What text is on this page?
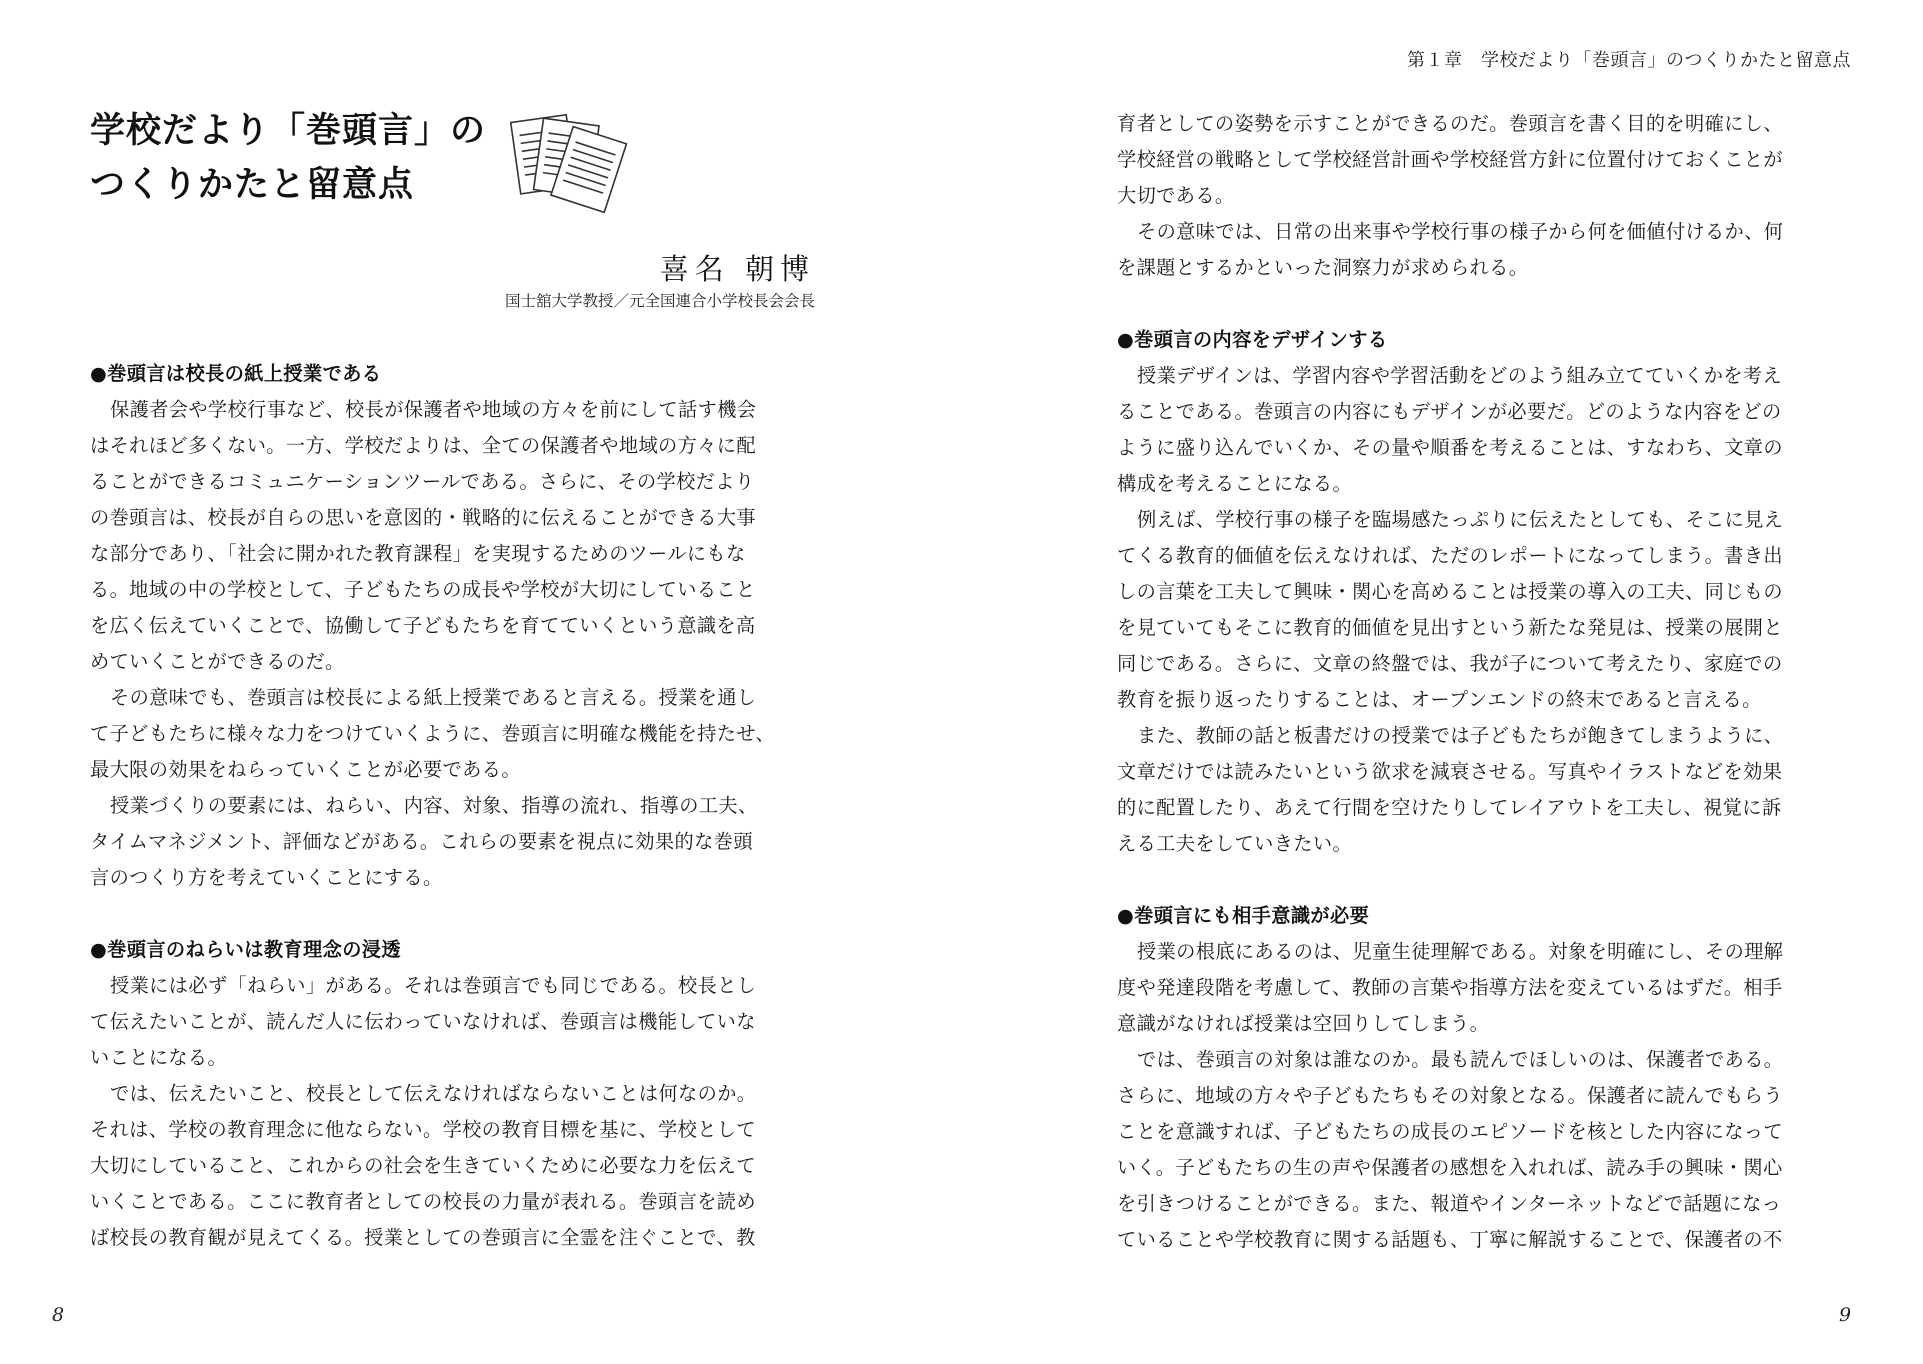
学校だより「巻頭言」の
つくりかたと留意点
喜名 朝博
国士舘大学教授／元全国連合小学校長会会長
●巻頭言は校長の紙上授業である
保護者会や学校行事など、校長が保護者や地域の方々を前にして話す機会
はそれほど多くない。一方、学校だよりは、全ての保護者や地域の方々に配
ることができるコミュニケーションツールである。さらに、その学校だより
の巻頭言は、校長が自らの思いを意図的・戦略的に伝えることができる大事
な部分であり、「社会に開かれた教育課程」を実現するためのツールにもな
る。地域の中の学校として、子どもたちの成長や学校が大切にしていること
を広く伝えていくことで、協働して子どもたちを育てていくという意識を高
めていくことができるのだ。
その意味でも、巻頭言は校長による紙上授業であると言える。授業を通し
て子どもたちに様々な力をつけていくように、巻頭言に明確な機能を持たせ、
最大限の効果をねらっていくことが必要である。
授業づくりの要素には、ねらい、内容、対象、指導の流れ、指導の工夫、
タイムマネジメント、評価などがある。これらの要素を視点に効果的な巻頭
言のつくり方を考えていくことにする。
●巻頭言のねらいは教育理念の浸透
授業には必ず「ねらい」がある。それは巻頭言でも同じである。校長とし
て伝えたいことが、読んだ人に伝わっていなければ、巻頭言は機能していな
いことになる。
では、伝えたいこと、校長として伝えなければならないことは何なのか。
それは、学校の教育理念に他ならない。学校の教育目標を基に、学校として
大切にしていること、これからの社会を生きていくために必要な力を伝えて
いくことである。ここに教育者としての校長の力量が表れる。巻頭言を読め
ば校長の教育観が見えてくる。授業としての巻頭言に全霊を注ぐことで、教
8
第１章　学校だより「巻頭言」のつくりかたと留意点
育者としての姿勢を示すことができるのだ。巻頭言を書く目的を明確にし、
学校経営の戦略として学校経営計画や学校経営方針に位置付けておくことが
大切である。
その意味では、日常の出来事や学校行事の様子から何を価値付けるか、何
を課題とするかといった洞察力が求められる。
●巻頭言の内容をデザインする
授業デザインは、学習内容や学習活動をどのよう組み立てていくかを考え
ることである。巻頭言の内容にもデザインが必要だ。どのような内容をどの
ように盛り込んでいくか、その量や順番を考えることは、すなわち、文章の
構成を考えることになる。
例えば、学校行事の様子を臨場感たっぷりに伝えたとしても、そこに見え
てくる教育的価値を伝えなければ、ただのレポートになってしまう。書き出
しの言葉を工夫して興味・関心を高めることは授業の導入の工夫、同じもの
を見ていてもそこに教育的価値を見出すという新たな発見は、授業の展開と
同じである。さらに、文章の終盤では、我が子について考えたり、家庭での
教育を振り返ったりすることは、オープンエンドの終末であると言える。
また、教師の話と板書だけの授業では子どもたちが飽きてしまうように、
文章だけでは読みたいという欲求を減衰させる。写真やイラストなどを効果
的に配置したり、あえて行間を空けたりしてレイアウトを工夫し、視覚に訴
える工夫をしていきたい。
●巻頭言にも相手意識が必要
授業の根底にあるのは、児童生徒理解である。対象を明確にし、その理解
度や発達段階を考慮して、教師の言葉や指導方法を変えているはずだ。相手
意識がなければ授業は空回りしてしまう。
では、巻頭言の対象は誰なのか。最も読んでほしいのは、保護者である。
さらに、地域の方々や子どもたちもその対象となる。保護者に読んでもらう
ことを意識すれば、子どもたちの成長のエピソードを核とした内容になって
いく。子どもたちの生の声や保護者の感想を入れれば、読み手の興味・関心
を引きつけることができる。また、報道やインターネットなどで話題になっ
ていることや学校教育に関する話題も、丁寧に解説することで、保護者の不
9
